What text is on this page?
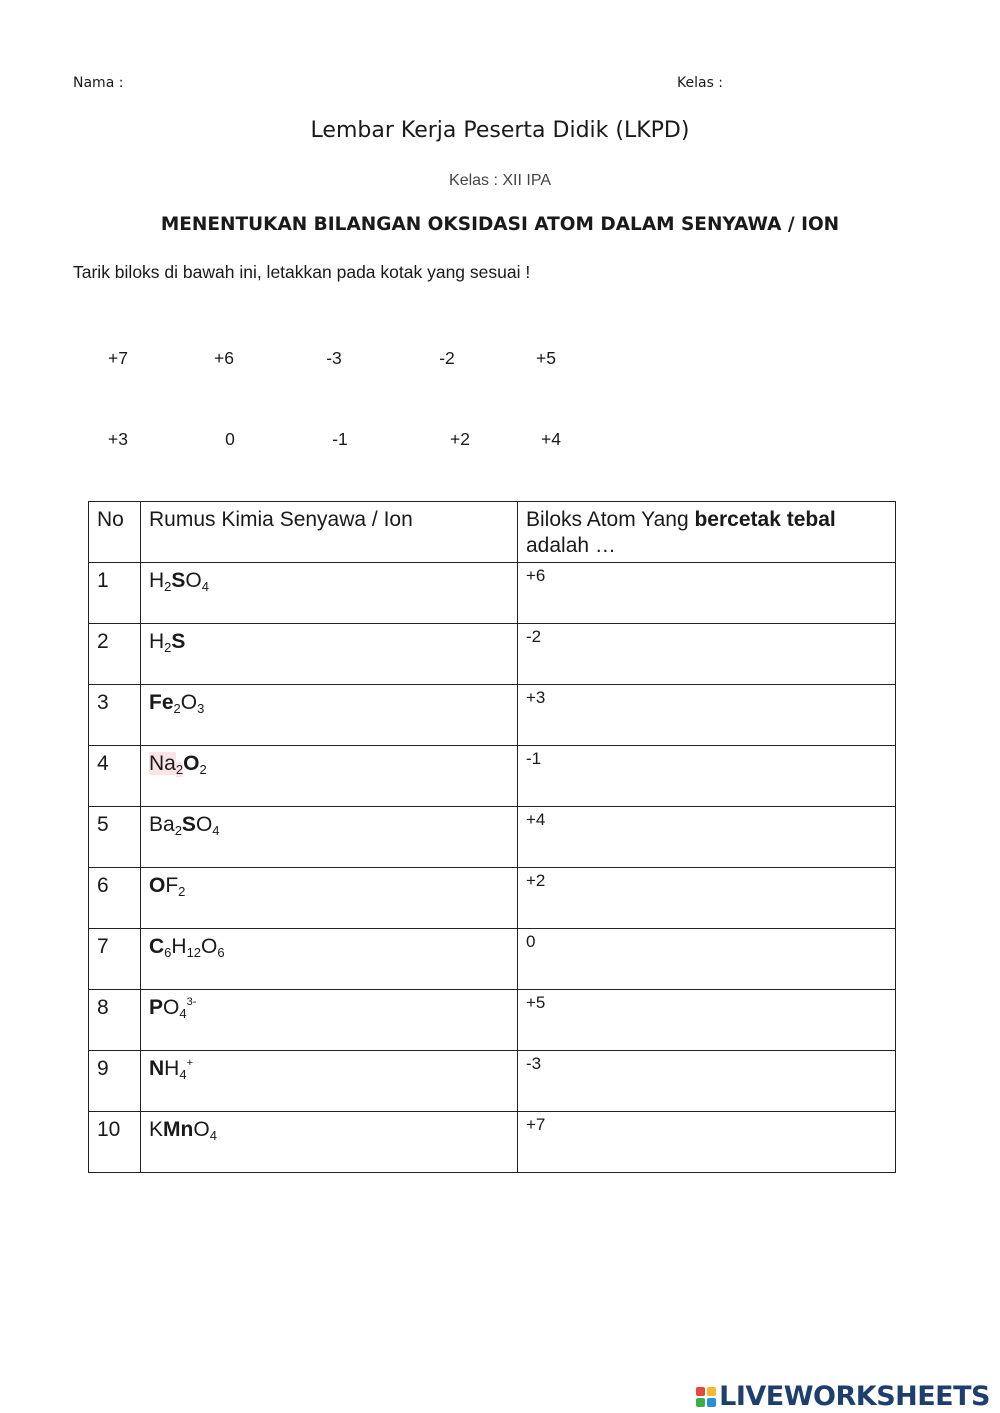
Nama :	Kelas :
Lembar Kerja Peserta Didik (LKPD)
Kelas : XII IPA
MENENTUKAN BILANGAN OKSIDASI ATOM DALAM SENYAWA / ION
Tarik biloks di bawah ini, letakkan pada kotak yang sesuai !
+7	+6	-3	-2	+5
+3	0	-1	+2	+4
No	Rumus Kimia Senyawa / Ion	Biloks Atom Yang bercetak tebal
adalah …

1	$H_2SO_4$	+6

2	$H_2S$	-2

3	$Fe_2O_3$	+3

4	$Na_2O_2$	-1

5	$Ba_2SO_4$	+4

6	$OF_2$	+2

7	$C_6H_{12}O_6$	0

8	$PO_4^{3-}$	+5

9	$NH_4^+$	-3

10	KMnO$_4$	+7
LIVEWORKSHEETS
